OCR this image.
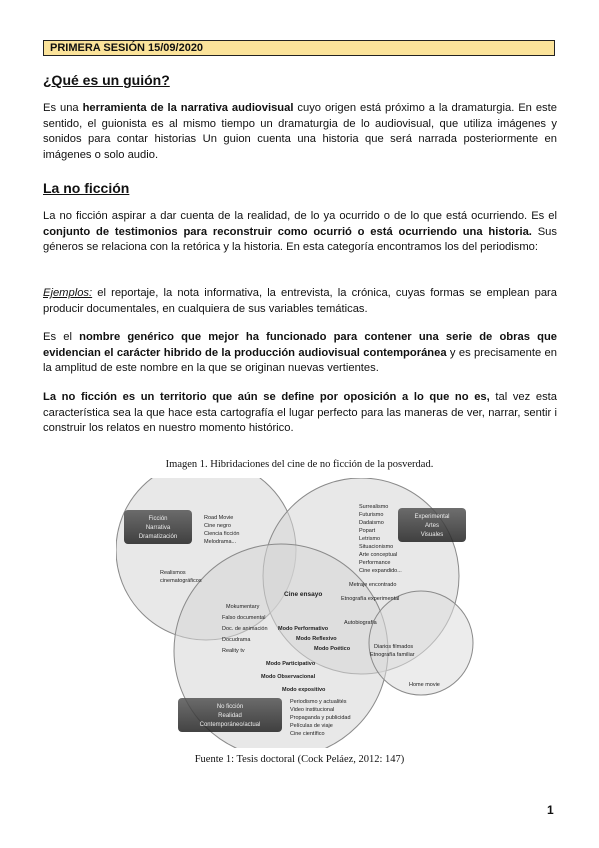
PRIMERA SESIÓN 15/09/2020
¿Qué es un guión?

Es una herramienta de la narrativa audiovisual cuyo origen está próximo a la dramaturgia. En este sentido, el guionista es al mismo tiempo un dramaturgia de lo audiovisual, que utiliza imágenes y sonidos para contar historias Un guion cuenta una historia que será narrada posteriormente en imágenes o solo audio.

La no ficción

La no ficción aspirar a dar cuenta de la realidad, de lo ya ocurrido o de lo que está ocurriendo. Es el conjunto de testimonios para reconstruir como ocurrió o está ocurriendo una historia. Sus géneros se relaciona con la retórica y la historia. En esta categoría encontramos los del periodismo:

Ejemplos: el reportaje, la nota informativa, la entrevista, la crónica, cuyas formas se emplean para producir documentales, en cualquiera de sus variables temáticas.

Es el nombre genérico que mejor ha funcionado para contener una serie de obras que evidencian el carácter hibrido de la producción audiovisual contemporánea y es precisamente en la amplitud de este nombre en la que se originan nuevas vertientes.

La no ficción es un territorio que aún se define por oposición a lo que no es, tal vez esta característica sea la que hace esta cartografía el lugar perfecto para las maneras de ver, narrar, sentir i construir los relatos en nuestro momento histórico.

Imagen 1. Hibridaciones del cine de no ficción de la posverdad.
Ficción
Narrativa
Dramatización
Experimental
Artes
Visuales
No ficción
Realidad
Contemporáneo/actual
Road Movie
Cine negro
Ciencia ficción
Melodrama...
Realismos
cinematográficos
Surrealismo
Futurismo
Dadaismo
Popart
Letrismo
Situacionismo
Arte conceptual
Performance
Cine expandido...
Metraje encontrado
Etnografía experimental
Cine ensayo
Autobiografía
Diarios filmados
Etnografía familiar
Home movie
Mokumentary
Falso documental
Doc. de animación
Docudrama
Reality tv
Modo Performativo
Modo Reflexivo
Modo Poético
Modo Participativo
Modo Observacional
Modo expositivo
Periodismo y actualités
Video institucional
Propaganda y publicidad
Películas de viaje
Cine científico
Fuente 1: Tesis doctoral (Cock Peláez, 2012: 147)
1
